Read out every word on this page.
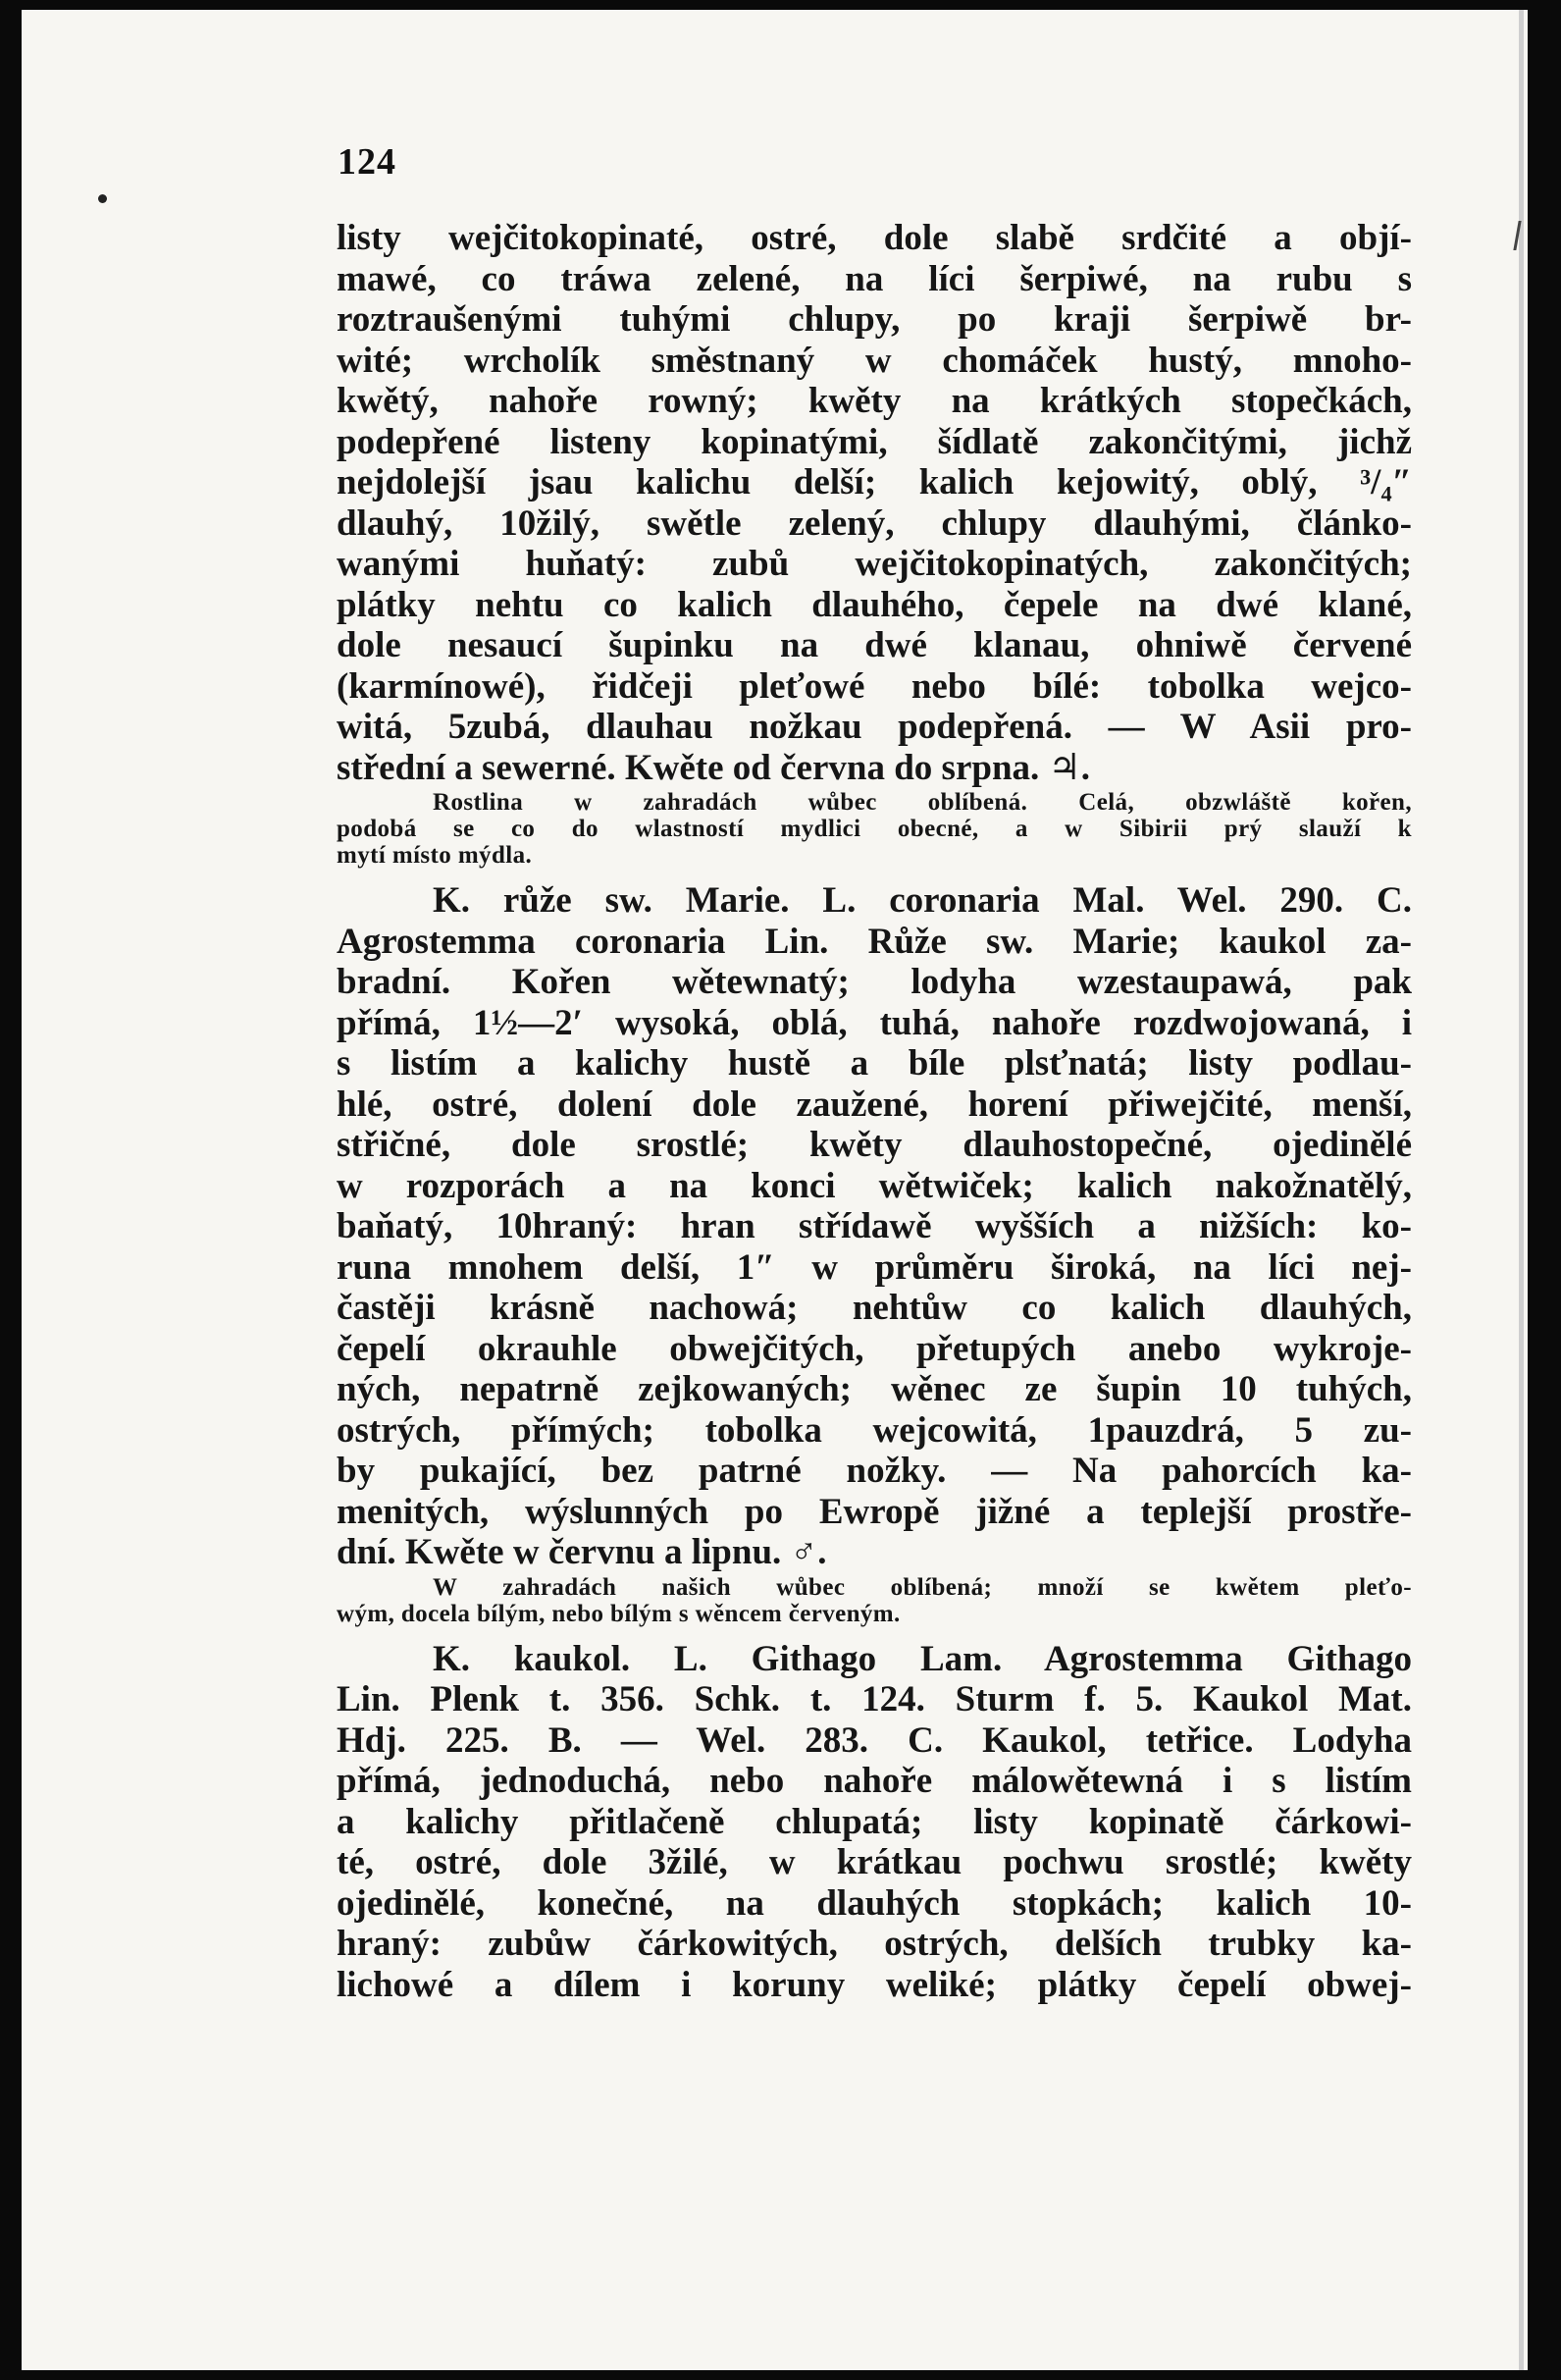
124
listy wejčitokopinaté, ostré, dole slabě srdčité a objí-
mawé, co tráwa zelené, na líci šerpiwé, na rubu s
roztraušenými tuhými chlupy, po kraji šerpiwě br-
wité; wrcholík směstnaný w chomáček hustý, mnoho-
kwětý, nahoře rowný; kwěty na krátkých stopečkách,
podepřené listeny kopinatými, šídlatě zakončitými, jichž
nejdolejší jsau kalichu delší; kalich kejowitý, oblý, ³/₄″
dlauhý, 10žilý, swětle zelený, chlupy dlauhými, článko-
wanými huňatý: zubů wejčitokopinatých, zakončitých;
plátky nehtu co kalich dlauhého, čepele na dwé klané,
dole nesaucí šupinku na dwé klanau, ohniwě červené
(karmínowé), řidčeji pleťowé nebo bílé: tobolka wejco-
witá, 5zubá, dlauhau nožkau podepřená. — W Asii pro-
střední a sewerné. Kwěte od června do srpna. ♃.
Rostlina w zahradách wůbec oblíbená. Celá, obzwláště kořen,
podobá se co do wlastností mydlici obecné, a w Sibirii prý slauží k
mytí místo mýdla.
K. růže sw. Marie. L. coronaria Mal. Wel. 290. C.
Agrostemma coronaria Lin. Růže sw. Marie; kaukol za-
bradní. Kořen wětewnatý; lodyha wzestaupawá, pak
přímá, 1½—2′ wysoká, oblá, tuhá, nahoře rozdwojowaná, i
s listím a kalichy hustě a bíle plsťnatá; listy podlau-
hlé, ostré, dolení dole zaužené, horení přiwejčité, menší,
střičné, dole srostlé; kwěty dlauhostopečné, ojedinělé
w rozporách a na konci wětwiček; kalich nakožnatělý,
baňatý, 10hraný: hran střídawě wyšších a nižších: ko-
runa mnohem delší, 1″ w průměru široká, na líci nej-
častěji krásně nachowá; nehtůw co kalich dlauhých,
čepelí okrauhle obwejčitých, přetupých anebo wykroje-
ných, nepatrně zejkowaných; wěnec ze šupin 10 tuhých,
ostrých, přímých; tobolka wejcowitá, 1pauzdrá, 5 zu-
by pukající, bez patrné nožky. — Na pahorcích ka-
menitých, wýslunných po Ewropě jižné a teplejší prostře-
dní. Kwěte w červnu a lipnu. ♂.
W zahradách našich wůbec oblíbená; množí se kwětem pleťo-
wým, docela bílým, nebo bílým s wěncem červeným.
K. kaukol. L. Githago Lam. Agrostemma Githago
Lin. Plenk t. 356. Schk. t. 124. Sturm f. 5. Kaukol Mat.
Hdj. 225. B. — Wel. 283. C. Kaukol, tetřice. Lodyha
přímá, jednoduchá, nebo nahoře málowětewná i s listím
a kalichy přitlačeně chlupatá; listy kopinatě čárkowi-
té, ostré, dole 3žilé, w krátkau pochwu srostlé; kwěty
ojedinělé, konečné, na dlauhých stopkách; kalich 10-
hraný: zubůw čárkowitých, ostrých, delších trubky ka-
lichowé a dílem i koruny weliké; plátky čepelí obwej-
